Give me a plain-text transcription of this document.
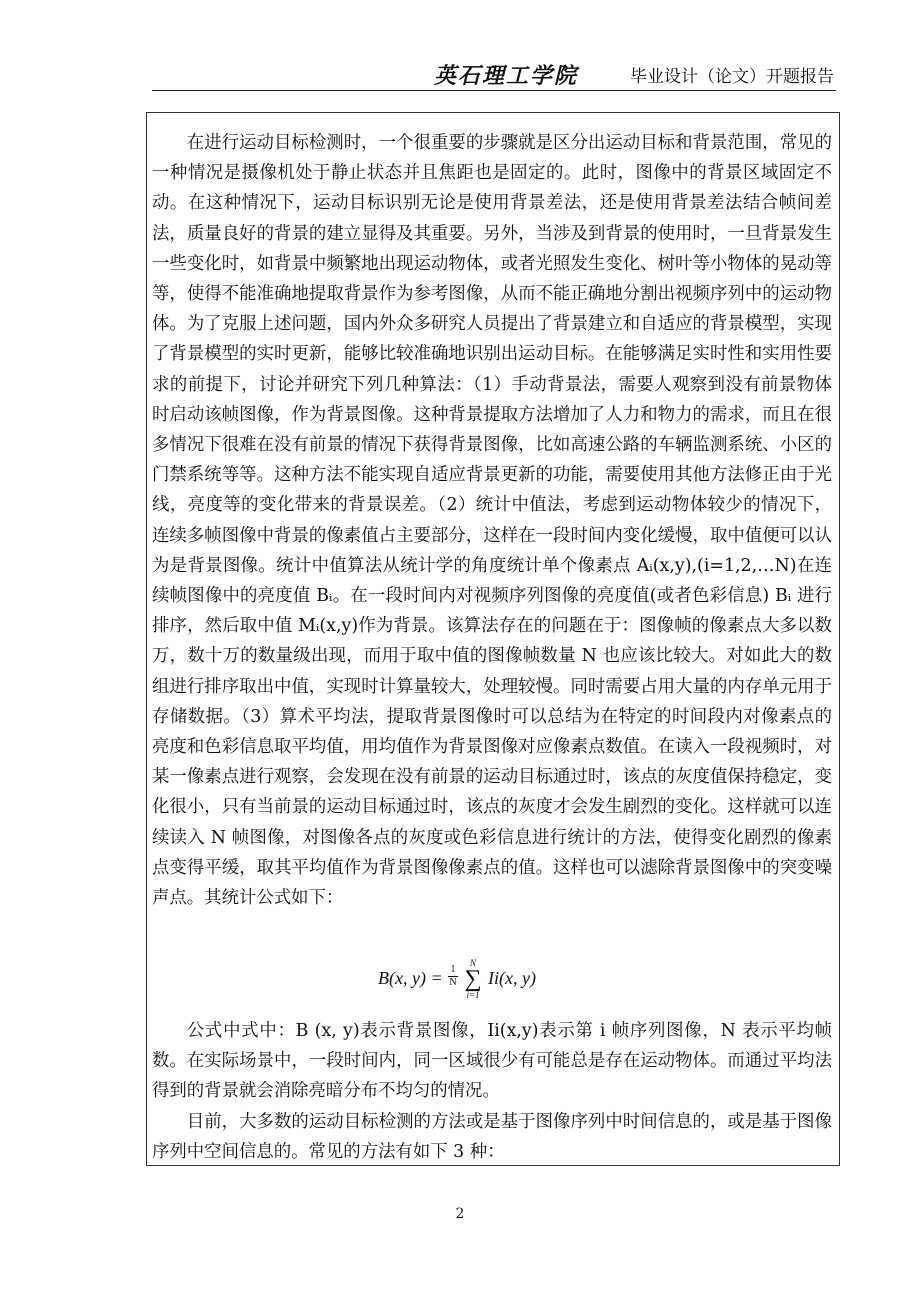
英石理工学院	毕业设计（论文）开题报告

在进行运动目标检测时，一个很重要的步骤就是区分出运动目标和背景范围，常见的一种情况是摄像机处于静止状态并且焦距也是固定的。此时，图像中的背景区域固定不动。在这种情况下，运动目标识别无论是使用背景差法，还是使用背景差法结合帧间差法，质量良好的背景的建立显得及其重要。另外，当涉及到背景的使用时，一旦背景发生一些变化时，如背景中频繁地出现运动物体，或者光照发生变化、树叶等小物体的晃动等等，使得不能准确地提取背景作为参考图像，从而不能正确地分割出视频序列中的运动物体。为了克服上述问题，国内外众多研究人员提出了背景建立和自适应的背景模型，实现了背景模型的实时更新，能够比较准确地识别出运动目标。在能够满足实时性和实用性要求的前提下，讨论并研究下列几种算法：（1）手动背景法，需要人观察到没有前景物体时启动该帧图像，作为背景图像。这种背景提取方法增加了人力和物力的需求，而且在很多情况下很难在没有前景的情况下获得背景图像，比如高速公路的车辆监测系统、小区的门禁系统等等。这种方法不能实现自适应背景更新的功能，需要使用其他方法修正由于光线，亮度等的变化带来的背景误差。（2）统计中值法，考虑到运动物体较少的情况下，连续多帧图像中背景的像素值占主要部分，这样在一段时间内变化缓慢，取中值便可以认为是背景图像。统计中值算法从统计学的角度统计单个像素点 Aᵢ(x,y),(i=1,2,…N)在连续帧图像中的亮度值 Bᵢ。在一段时间内对视频序列图像的亮度值(或者色彩信息) Bᵢ 进行排序，然后取中值 Mᵢ(x,y)作为背景。该算法存在的问题在于：图像帧的像素点大多以数万，数十万的数量级出现，而用于取中值的图像帧数量 N 也应该比较大。对如此大的数组进行排序取出中值，实现时计算量较大，处理较慢。同时需要占用大量的内存单元用于存储数据。（3）算术平均法，提取背景图像时可以总结为在特定的时间段内对像素点的亮度和色彩信息取平均值，用均值作为背景图像对应像素点数值。在读入一段视频时，对某一像素点进行观察，会发现在没有前景的运动目标通过时，该点的灰度值保持稳定，变化很小，只有当前景的运动目标通过时，该点的灰度才会发生剧烈的变化。这样就可以连续读入 N 帧图像，对图像各点的灰度或色彩信息进行统计的方法，使得变化剧烈的像素点变得平缓，取其平均值作为背景图像像素点的值。这样也可以滤除背景图像中的突变噪声点。其统计公式如下：

B(x, $y) = \frac{1}{N}$
N
∑
i=1
Ii(x, y)

公式中式中：B (x, y)表示背景图像，Ii(x,y)表示第 i 帧序列图像，N 表示平均帧数。在实际场景中，一段时间内，同一区域很少有可能总是存在运动物体。而通过平均法得到的背景就会消除亮暗分布不均匀的情况。

目前，大多数的运动目标检测的方法或是基于图像序列中时间信息的，或是基于图像序列中空间信息的。常见的方法有如下 3 种：

2
